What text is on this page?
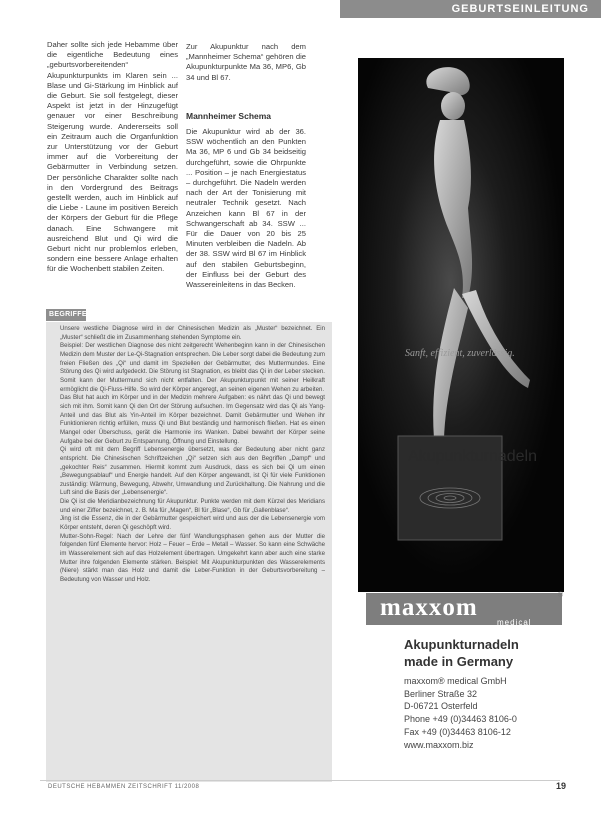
GEBURTSEINLEITUNG

Daher sollte sich jede Hebamme über die eigentliche Bedeutung eines „geburtsvorbereitenden“ Akupunkturpunkts im Klaren sein ... Blase und Gi-Stärkung im Hinblick auf die Geburt. Sie soll festgelegt, dieser Aspekt ist jetzt in der Hinzugefügt genauer vor einer Beschreibung Steigerung wurde. Andererseits soll ein Zeitraum auch die Organfunktion zur Unterstützung vor der Geburt immer auf die Vorbereitung der Gebärmutter in Verbindung setzen. Der persönliche Charakter sollte nach in den Vordergrund des Beitrags gestellt werden, auch im Hinblick auf die Liebe - Laune im positiven Bereich der Körpers der Geburt für die Pflege danach. Eine Schwangere mit ausreichend Blut und Qi wird die Geburt nicht nur problemlos erleben, sondern eine bessere Anlage erhalten für die Wochenbett stabilen Zeiten.

Zur Akupunktur nach dem „Mannheimer Schema“ gehören die Akupunkturpunkte Ma 36, MP6, Gb 34 und Bl 67.

Mannheimer Schema

Die Akupunktur wird ab der 36. SSW wöchentlich an den Punkten Ma 36, MP 6 und Gb 34 beidseitig durchgeführt, sowie die Ohrpunkte ... Position – je nach Energiestatus – durchgeführt. Die Nadeln werden nach der Art der Tonisierung mit neutraler Technik gesetzt. Nach Anzeichen kann Bl 67 in der Schwangerschaft ab 34. SSW ... Für die Dauer von 20 bis 25 Minuten verbleiben die Nadeln. Ab der 38. SSW wird Bl 67 im Hinblick auf den stabilen Geburtsbeginn, der Einfluss bei der Geburt des Wassereinleitens in das Becken.

BEGRIFFE

Unsere westliche Diagnose wird in der Chinesischen Medizin als „Muster“ bezeichnet. Ein „Muster“ schließt die im Zusammenhang stehenden Symptome ein.

Beispiel: Der westlichen Diagnose des nicht zeitgerecht Wehenbeginn kann in der Chinesischen Medizin dem Muster der Le-Qi-Stagnation entsprechen. Die Leber sorgt dabei die Bedeutung zum freien Fließen des „Qi“ und damit im Speziellen der Gebärmutter, des Muttermundes. Eine Störung des Qi wird aufgedeckt. Die Störung ist Stagnation, es bleibt das Qi in der Leber stecken. Somit kann der Muttermund sich nicht entfalten. Der Akupunkturpunkt mit seiner Heilkraft ermöglicht die Qi-Fluss-Hilfe. So wird der Körper angeregt, an seinen eigenen Wehen zu arbeiten.

Das Blut hat auch im Körper und in der Medizin mehrere Aufgaben: es nährt das Qi und bewegt sich mit ihm. Somit kann Qi den Ort der Störung aufsuchen. Im Gegensatz wird das Qi als Yang-Anteil und das Blut als Yin-Anteil im Körper bezeichnet. Damit Gebärmutter und Wehen ihr Funktionieren richtig erfüllen, muss Qi und Blut beständig und harmonisch fließen. Hat es einen Mangel oder Überschuss, gerät die Harmonie ins Wanken. Dabei bewahrt der Körper seine Aufgabe bei der Geburt zu Entspannung, Öffnung und Einstellung.

Qi wird oft mit dem Begriff Lebensenergie übersetzt, was der Bedeutung aber nicht ganz entspricht. Die Chinesischen Schriftzeichen „Qi“ setzen sich aus den Begriffen „Dampf“ und „gekochter Reis“ zusammen. Hiermit kommt zum Ausdruck, dass es sich bei Qi um einen „Bewegungsablauf“ und Energie handelt. Auf den Körper angewandt, ist Qi für viele Funktionen zuständig: Wärmung, Bewegung, Abwehr, Umwandlung und Zurückhaltung. Die Nahrung und die Luft sind die Basis der „Lebensenergie“.

Die Qi ist die Meridianbezeichnung für Akupunktur. Punkte werden mit dem Kürzel des Meridians und einer Ziffer bezeichnet, z. B. Ma für „Magen“, Bl für „Blase“, Gb für „Gallenblase“.

Jing ist die Essenz, die in der Gebärmutter gespeichert wird und aus der die Lebensenergie vom Körper entsteht, deren Qi geschöpft wird.

Mutter-Sohn-Regel: Nach der Lehre der fünf Wandlungsphasen gehen aus der Mutter die folgenden fünf Elemente hervor: Holz – Feuer – Erde – Metall – Wasser. So kann eine Schwäche im Wasserelement sich auf das Holzelement übertragen. Umgekehrt kann aber auch eine starke Mutter ihre folgenden Elemente stärken. Beispiel: Mit Akupunkturpunkten des Wasserelements (Niere) stärkt man das Holz und damit die Leber-Funktion in der Geburtsvorbereitung – Bedeutung von Wasser und Holz.

Sanft, effizient, zuverlässig.
Akupunkturnadeln
maxxom
medical
®
Akupunkturnadeln
made in Germany
maxxom® medical GmbH
Berliner Straße 32
D-06721 Osterfeld
Phone +49 (0)34463 8106-0
Fax +49 (0)34463 8106-12
www.maxxom.biz
DEUTSCHE HEBAMMEN ZEITSCHRIFT 11/2008	19
